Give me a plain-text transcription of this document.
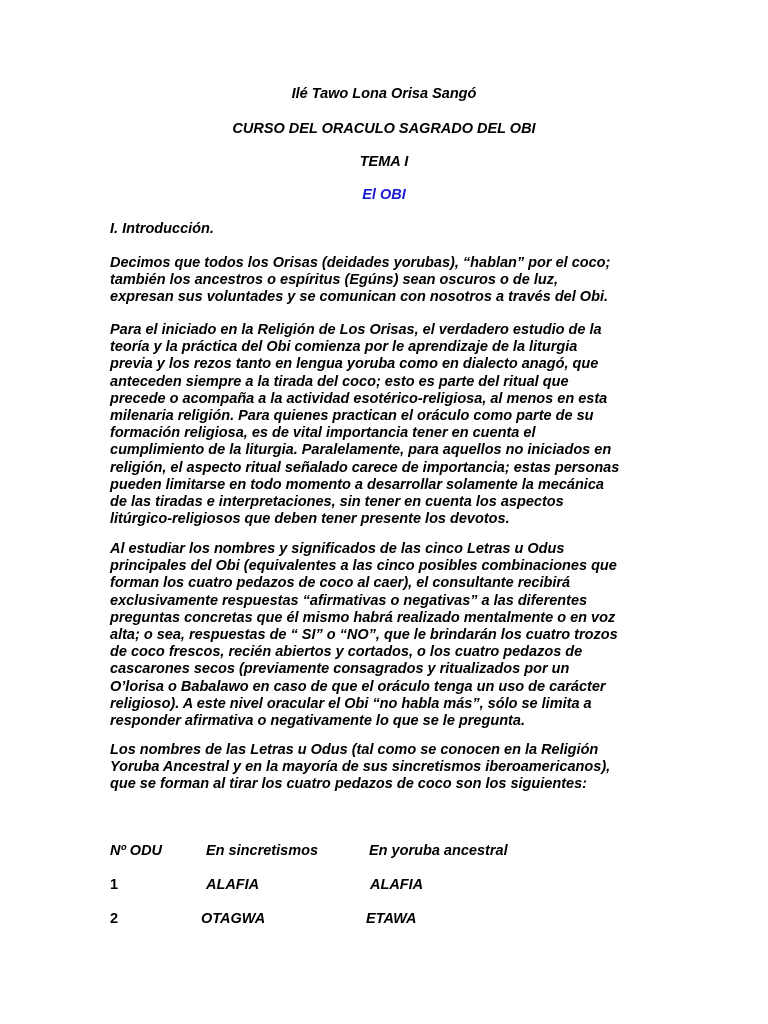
Ilé Tawo Lona Orisa Sangó
CURSO DEL ORACULO SAGRADO DEL OBI
TEMA I
El OBI
I. Introducción.
Decimos que todos los Orisas (deidades yorubas), “hablan” por el coco;
también los ancestros o espíritus (Egúns) sean oscuros o de luz,
expresan sus voluntades y se comunican con nosotros a través del Obi.
Para el iniciado en la Religión de Los Orisas, el verdadero estudio de la
teoría y la práctica del Obi comienza por le aprendizaje de la liturgia
previa y los rezos tanto en lengua yoruba como en dialecto anagó, que
anteceden siempre a la tirada del coco; esto es parte del ritual que
precede o acompaña a la actividad esotérico-religiosa, al menos en esta
milenaria religión. Para quienes practican el oráculo como parte de su
formación religiosa, es de vital importancia tener en cuenta el
cumplimiento de la liturgia. Paralelamente, para aquellos no iniciados en
religión, el aspecto ritual señalado carece de importancia; estas personas
pueden limitarse en todo momento a desarrollar solamente la mecánica
de las tiradas e interpretaciones, sin tener en cuenta los aspectos
litúrgico-religiosos que deben tener presente los devotos.
Al estudiar los nombres y significados de las cinco Letras u Odus
principales del Obi (equivalentes a las cinco posibles combinaciones que
forman los cuatro pedazos de coco al caer), el consultante recibirá
exclusivamente respuestas “afirmativas o negativas” a las diferentes
preguntas concretas que él mismo habrá realizado mentalmente o en voz
alta; o sea, respuestas de “ SI” o “NO”, que le brindarán los cuatro trozos
de coco frescos, recién abiertos y cortados, o los cuatro pedazos de
cascarones secos (previamente consagrados y ritualizados por un
O’lorisa o Babalawo en caso de que el oráculo tenga un uso de carácter
religioso). A este nivel oracular el Obi “no habla más”, sólo se limita a
responder afirmativa o negativamente lo que se le pregunta.
Los nombres de las Letras u Odus (tal como se conocen en la Religión
Yoruba Ancestral y en la mayoría de sus sincretismos iberoamericanos),
que se forman al tirar los cuatro pedazos de coco son los siguientes:
Nº ODU	En sincretismos	En yoruba ancestral
1	ALAFIA	ALAFIA
2	OTAGWA	ETAWA
